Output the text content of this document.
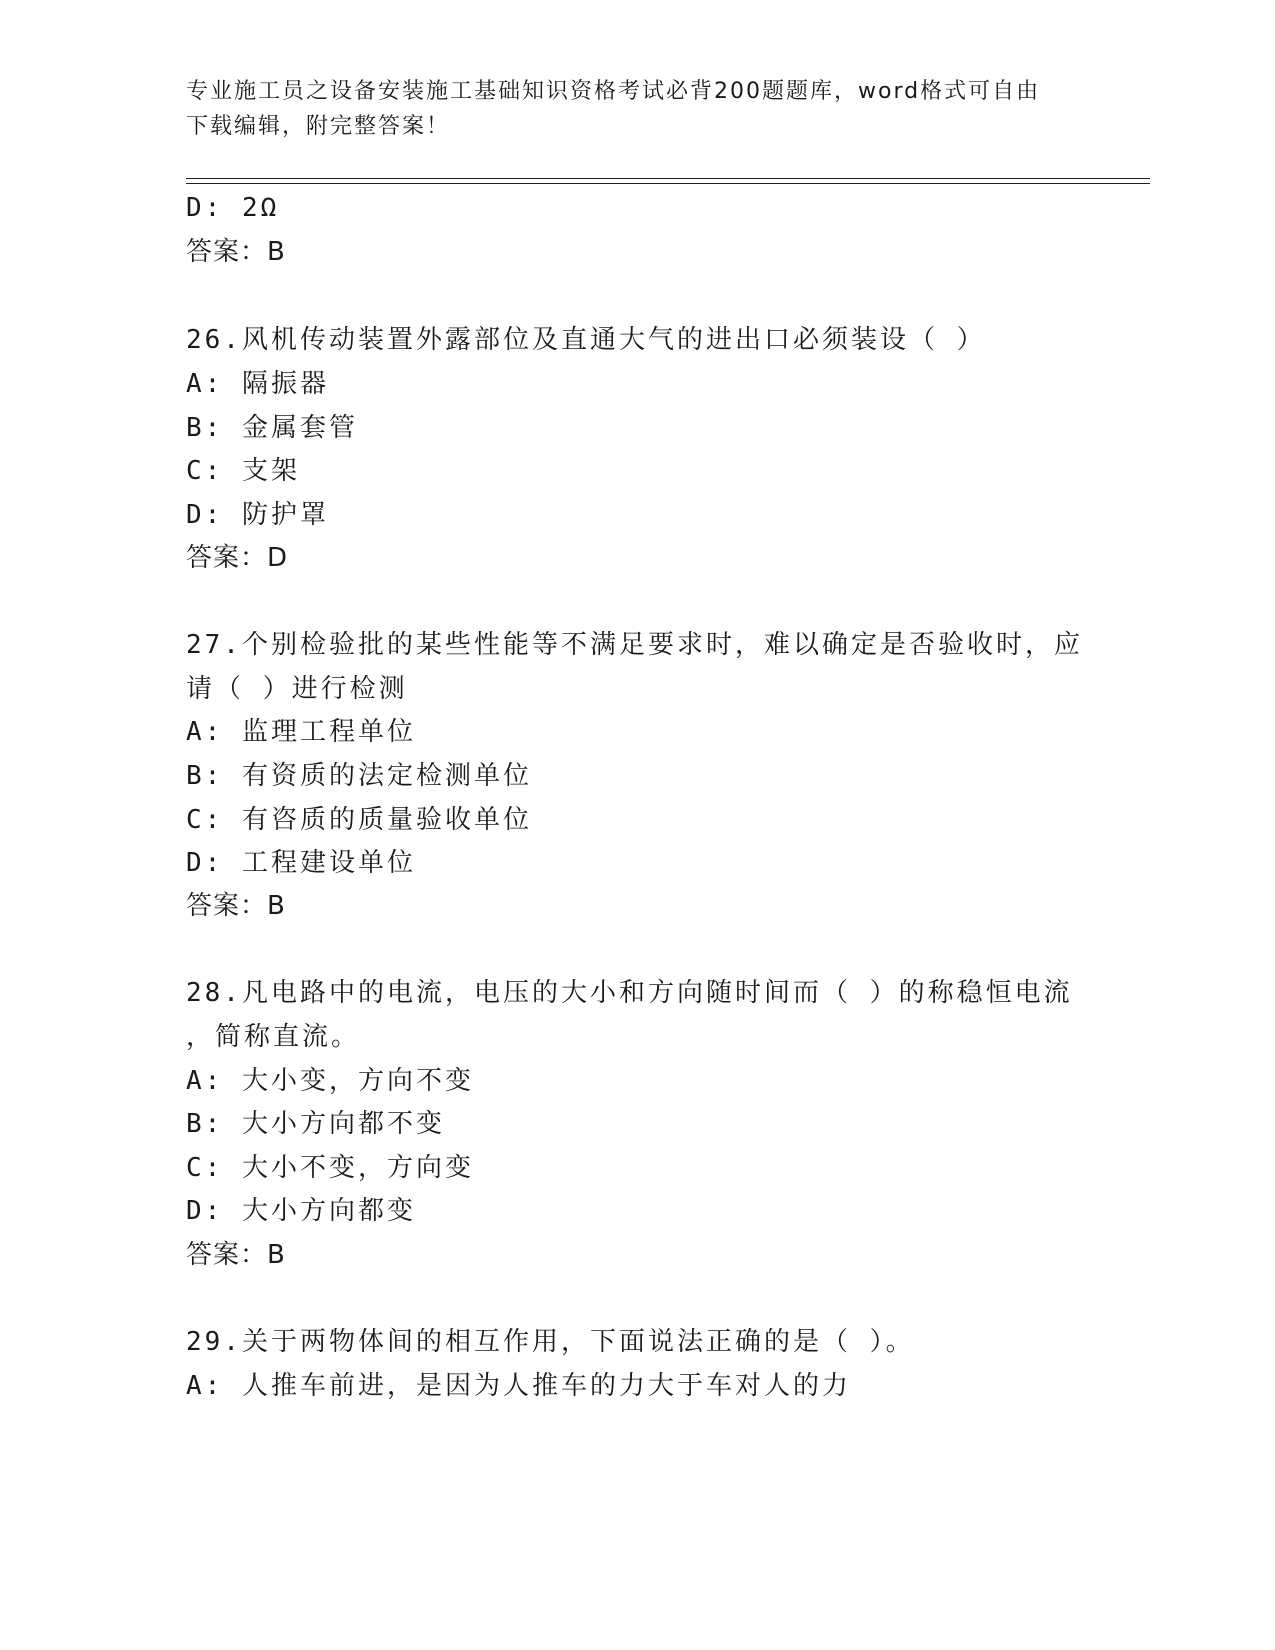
专业施工员之设备安装施工基础知识资格考试必背200题题库，word格式可自由
下载编辑，附完整答案！
D: 2Ω
答案：B
26.风机传动装置外露部位及直通大气的进出口必须装设（ ）
A: 隔振器
B: 金属套管
C: 支架
D: 防护罩
答案：D
27.个别检验批的某些性能等不满足要求时，难以确定是否验收时，应
请（ ）进行检测
A: 监理工程单位
B: 有资质的法定检测单位
C: 有咨质的质量验收单位
D: 工程建设单位
答案：B
28.凡电路中的电流，电压的大小和方向随时间而（ ）的称稳恒电流
，简称直流。
A: 大小变，方向不变
B: 大小方向都不变
C: 大小不变，方向变
D: 大小方向都变
答案：B
29.关于两物体间的相互作用，下面说法正确的是（ ）。
A: 人推车前进，是因为人推车的力大于车对人的力
